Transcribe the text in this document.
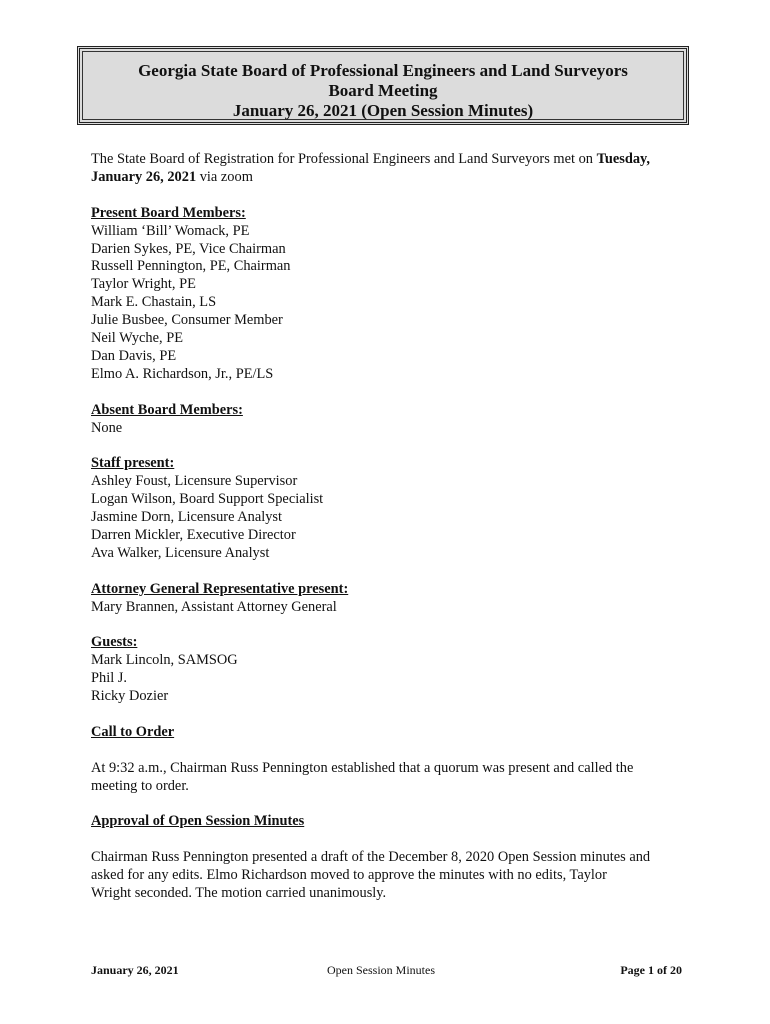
Georgia State Board of Professional Engineers and Land Surveyors
Board Meeting
January 26, 2021 (Open Session Minutes)

The State Board of Registration for Professional Engineers and Land Surveyors met on Tuesday,
January 26, 2021 via zoom

Present Board Members:

William ‘Bill’ Womack, PE

Darien Sykes, PE, Vice Chairman

Russell Pennington, PE, Chairman

Taylor Wright, PE

Mark E. Chastain, LS

Julie Busbee, Consumer Member

Neil Wyche, PE

Dan Davis, PE

Elmo A. Richardson, Jr., PE/LS

Absent Board Members:

None

Staff present:

Ashley Foust, Licensure Supervisor

Logan Wilson, Board Support Specialist

Jasmine Dorn, Licensure Analyst

Darren Mickler, Executive Director

Ava Walker, Licensure Analyst

Attorney General Representative present:

Mary Brannen, Assistant Attorney General

Guests:

Mark Lincoln, SAMSOG

Phil J.

Ricky Dozier

Call to Order

At 9:32 a.m., Chairman Russ Pennington established that a quorum was present and called the
meeting to order.

Approval of Open Session Minutes

Chairman Russ Pennington presented a draft of the December 8, 2020 Open Session minutes and
asked for any edits. Elmo Richardson moved to approve the minutes with no edits, Taylor
Wright seconded. The motion carried unanimously.

January 26, 2021	Open Session Minutes	Page 1 of 20
